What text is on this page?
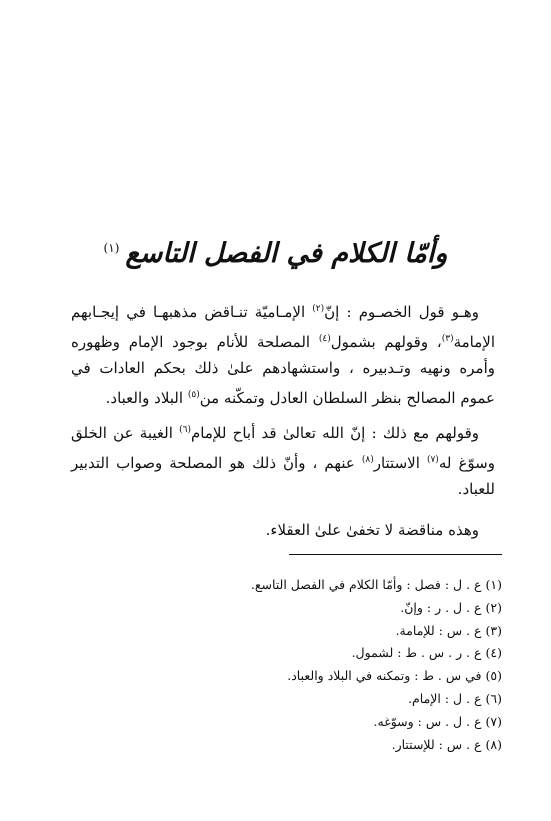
وأمّا الكلام في الفصل التاسع$^{(١)}$

وهـو قول الخصـوم : إنّ$^{(٢)}$ الإمـاميّة تنـاقض مذهبهـا في إيجـابهم الإمامة$^{(٣)}$، وقولهم بشمول$^{(٤)}$ المصلحة للأنام بوجود الإمام وظهوره وأمره ونهيه وتـدبيره ، واستشهادهم علىٰ ذلك بحكم العادات في عموم المصالح بنظر السلطان العادل وتمكّنه من$^{(٥)}$ البلاد والعباد.

وقولهم مع ذلك : إنّ الله تعالىٰ قد أباح للإمام$^{(٦)}$ الغيبة عن الخلق وسوّغ له$^{(٧)}$ الاستتار$^{(٨)}$ عنهم ، وأنّ ذلك هو المصلحة وصواب التدبير للعباد.

وهذه مناقضة لا تخفىٰ علىٰ العقلاء.

(١)ع . ل : فصل : وأمّا الكلام في الفصل التاسع.
(٢)ع . ل . ر : وإنّ.
(٣)ع . س : للإمامة.
(٤)ع . ر . س . ط : لشمول.
(٥)في س . ط : وتمكنه في البلاد والعباد.
(٦)ع . ل : الإمام.
(٧)ع . ل . س : وسوّغه.
(٨)ع . س : للإستتار.
